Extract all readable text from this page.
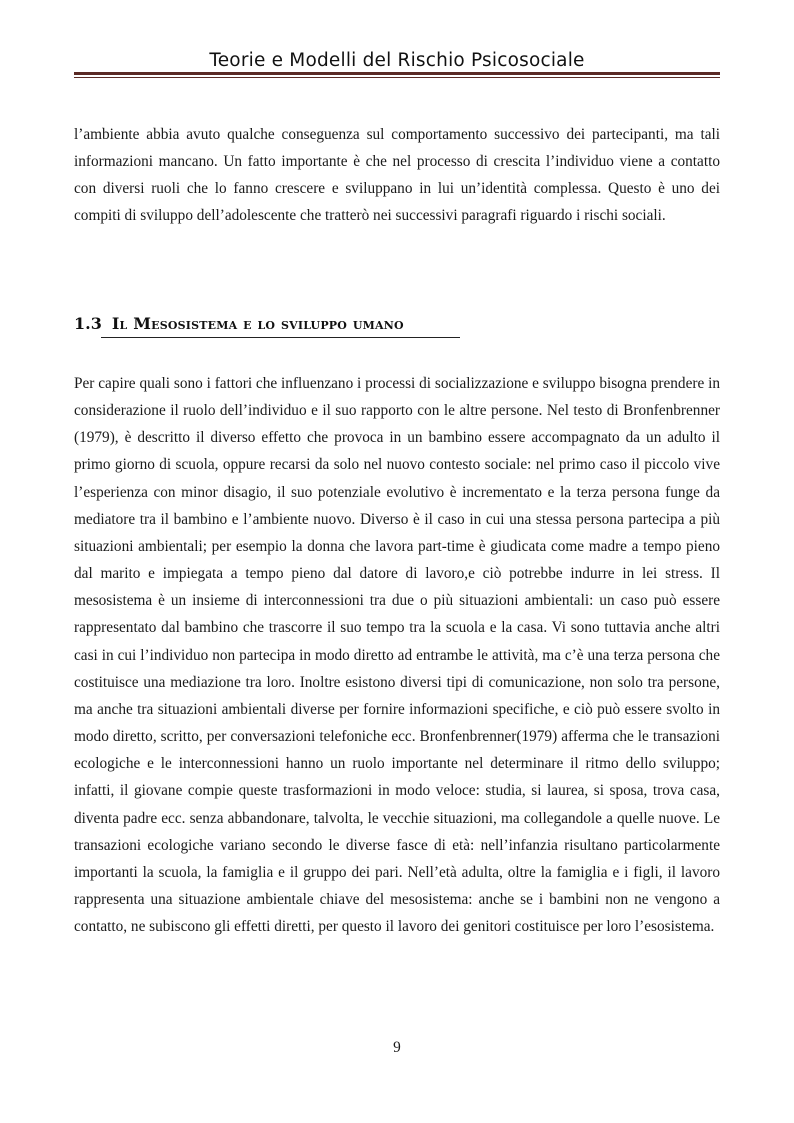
Teorie e Modelli del Rischio Psicosociale

l’ambiente abbia avuto qualche conseguenza sul comportamento successivo dei partecipanti, ma tali informazioni mancano. Un fatto importante è che nel processo di crescita l’individuo viene a contatto con diversi ruoli che lo fanno crescere e sviluppano in lui un’identità complessa. Questo è uno dei compiti di sviluppo dell’adolescente che tratterò nei successivi paragrafi riguardo i rischi sociali.

1.3 Il Mesosistema e lo sviluppo umano

Per capire quali sono i fattori che influenzano i processi di socializzazione e sviluppo bisogna prendere in considerazione il ruolo dell’individuo e il suo rapporto con le altre persone. Nel testo di Bronfenbrenner (1979), è descritto il diverso effetto che provoca in un bambino essere accompagnato da un adulto il primo giorno di scuola, oppure recarsi da solo nel nuovo contesto sociale: nel primo caso il piccolo vive l’esperienza con minor disagio, il suo potenziale evolutivo è incrementato e la terza persona funge da mediatore tra il bambino e l’ambiente nuovo. Diverso è il caso in cui una stessa persona partecipa a più situazioni ambientali; per esempio la donna che lavora part-time è giudicata come madre a tempo pieno dal marito e impiegata a tempo pieno dal datore di lavoro,e ciò potrebbe indurre in lei stress. Il mesosistema è un insieme di interconnessioni tra due o più situazioni ambientali: un caso può essere rappresentato dal bambino che trascorre il suo tempo tra la scuola e la casa. Vi sono tuttavia anche altri casi in cui l’individuo non partecipa in modo diretto ad entrambe le attività, ma c’è una terza persona che costituisce una mediazione tra loro. Inoltre esistono diversi tipi di comunicazione, non solo tra persone, ma anche tra situazioni ambientali diverse per fornire informazioni specifiche, e ciò può essere svolto in modo diretto, scritto, per conversazioni telefoniche ecc. Bronfenbrenner(1979) afferma che le transazioni ecologiche e le interconnessioni hanno un ruolo importante nel determinare il ritmo dello sviluppo; infatti, il giovane compie queste trasformazioni in modo veloce: studia, si laurea, si sposa, trova casa, diventa padre ecc. senza abbandonare, talvolta, le vecchie situazioni, ma collegandole a quelle nuove. Le transazioni ecologiche variano secondo le diverse fasce di età: nell’infanzia risultano particolarmente importanti la scuola, la famiglia e il gruppo dei pari. Nell’età adulta, oltre la famiglia e i figli, il lavoro rappresenta una situazione ambientale chiave del mesosistema: anche se i bambini non ne vengono a contatto, ne subiscono gli effetti diretti, per questo il lavoro dei genitori costituisce per loro l’esosistema.

9
